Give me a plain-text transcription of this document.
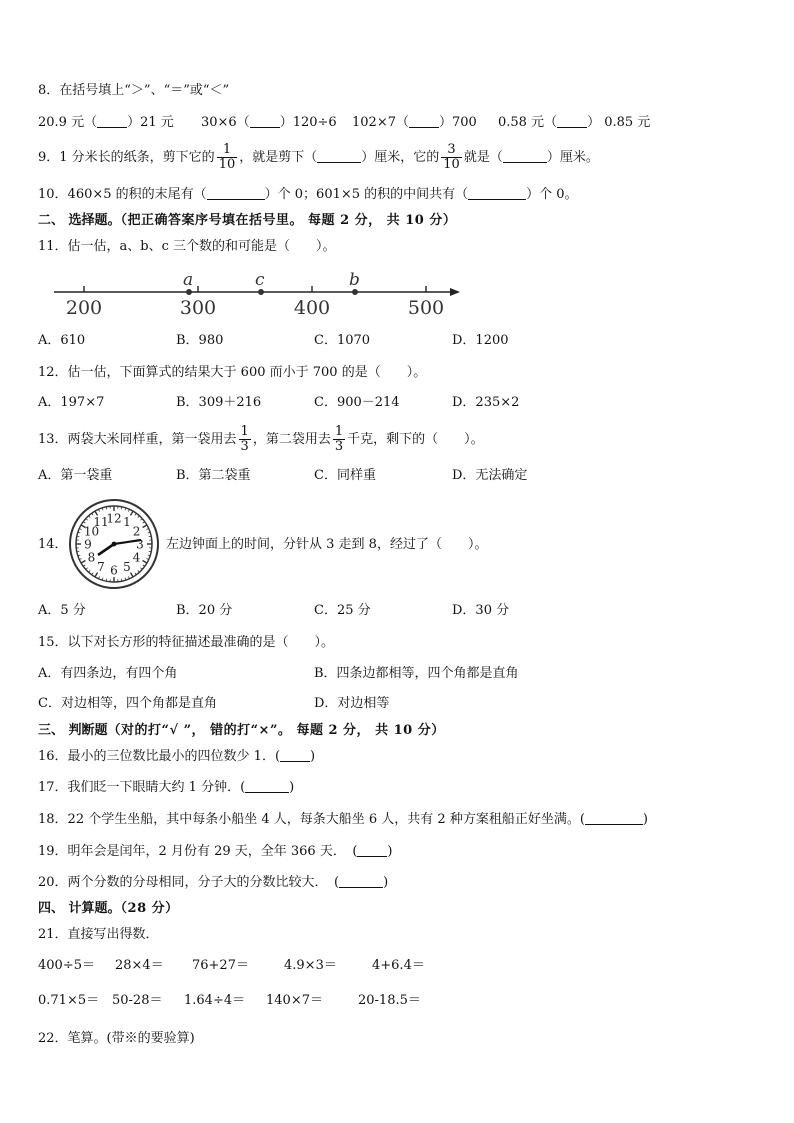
8．在括号填上“＞”、“＝”或“＜”
20.9 元（ ）21 元 30×6（ ）120÷6 102×7（ ）700 0.58 元（ ） 0.85 元
9．1 分米长的纸条，剪下它的 $\frac{1}{10}$ ，就是剪下（	）厘米，它的 $\frac{3}{10}$ 就是（	）厘米。
10．460×5 的积的末尾有（	）个 0；601×5 的积的中间共有（	）个 0。
二、 选择题。（把正确答案序号填在括号里。 每题 2 分， 共 10 分）
11．估一估，a、b、c 三个数的和可能是（　　）。
200	300	400	500
a	c	b
A．610	B．980	C．1070	D．1200
12．估一估，下面算式的结果大于 600 而小于 700 的是（　　）。
A．197×7	B．309＋216	C．900－214	D．235×2
13．两袋大米同样重，第一袋用去 $\frac{1}{3}$ ，第二袋用去 $\frac{1}{3}$ 千克，剩下的（　　）。
A．第一袋重	B．第二袋重	C．同样重	D．无法确定
14．
12 1
2
3
4
5
6
7
8
9
10
11
左边钟面上的时间，分针从 3 走到 8，经过了（　　）。
A．5 分	B．20 分	C．25 分	D．30 分
15．以下对长方形的特征描述最准确的是（　　）。
A．有四条边，有四个角	B．四条边都相等，四个角都是直角
C．对边相等，四个角都是直角	D．对边相等
三、 判断题（对的打“√ ”， 错的打“×”。 每题 2 分， 共 10 分）
16．最小的三位数比最小的四位数少 1．( )
17．我们眨一下眼睛大约 1 分钟．(	)
18．22 个学生坐船，其中每条小船坐 4 人，每条大船坐 6 人，共有 2 种方案租船正好坐满。(	)
19．明年会是闰年，2 月份有 29 天，全年 366 天．　( )
20．两个分数的分母相同，分子大的分数比较大．　(	)
四、 计算题。（28 分）
21．直接写出得数．
400÷5＝ 28×4＝ 76+27＝	4.9×3＝	4+6.4＝
0.71×5＝ 50-28＝ 1.64÷4＝ 140×7＝	20-18.5＝
22．笔算。(带※的要验算)
